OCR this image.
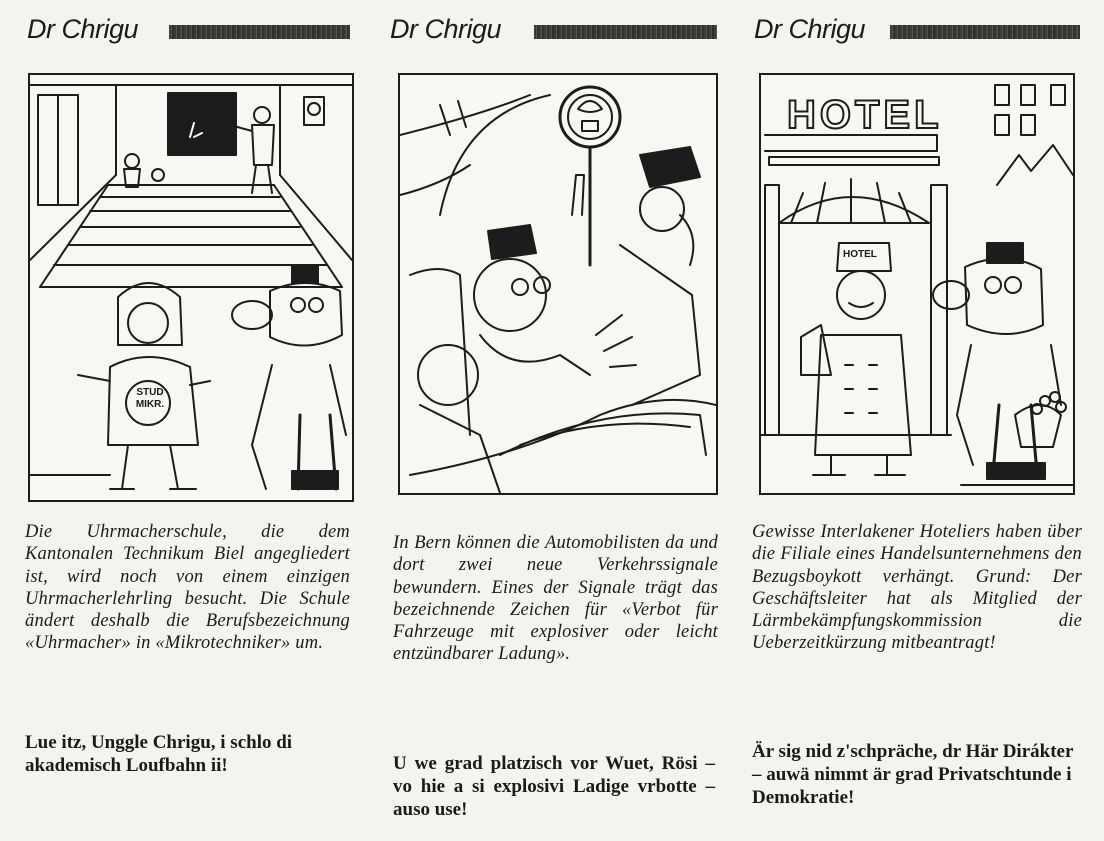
Dr Chrigu
STUD
MIKR.
Die Uhrmacherschule, die dem Kantonalen Technikum Biel angegliedert ist, wird noch von einem einzigen Uhrmacherlehrling besucht. Die Schule ändert deshalb die Berufsbezeichnung «Uhrmacher» in «Mikrotechniker» um.
Lue itz, Unggle Chrigu, i schlo di akademisch Loufbahn ii!
Dr Chrigu
In Bern können die Automobilisten da und dort zwei neue Verkehrssignale bewundern. Eines der Signale trägt das bezeichnende Zeichen für «Verbot für Fahrzeuge mit explosiver oder leicht entzündbarer Ladung».
U we grad platzisch vor Wuet, Rösi – vo hie a si explosivi Ladige vrbotte – auso use!
Dr Chrigu
HOTEL
HOTEL
Gewisse Interlakener Hoteliers haben über die Filiale eines Handelsunternehmens den Bezugsboykott verhängt. Grund: Der Geschäftsleiter hat als Mitglied der Lärmbekämpfungskommission die Ueberzeitkürzung mitbeantragt!
Är sig nid z'schpräche, dr Här Dirákter – auwä nimmt är grad Privatschtunde i Demokratie!
